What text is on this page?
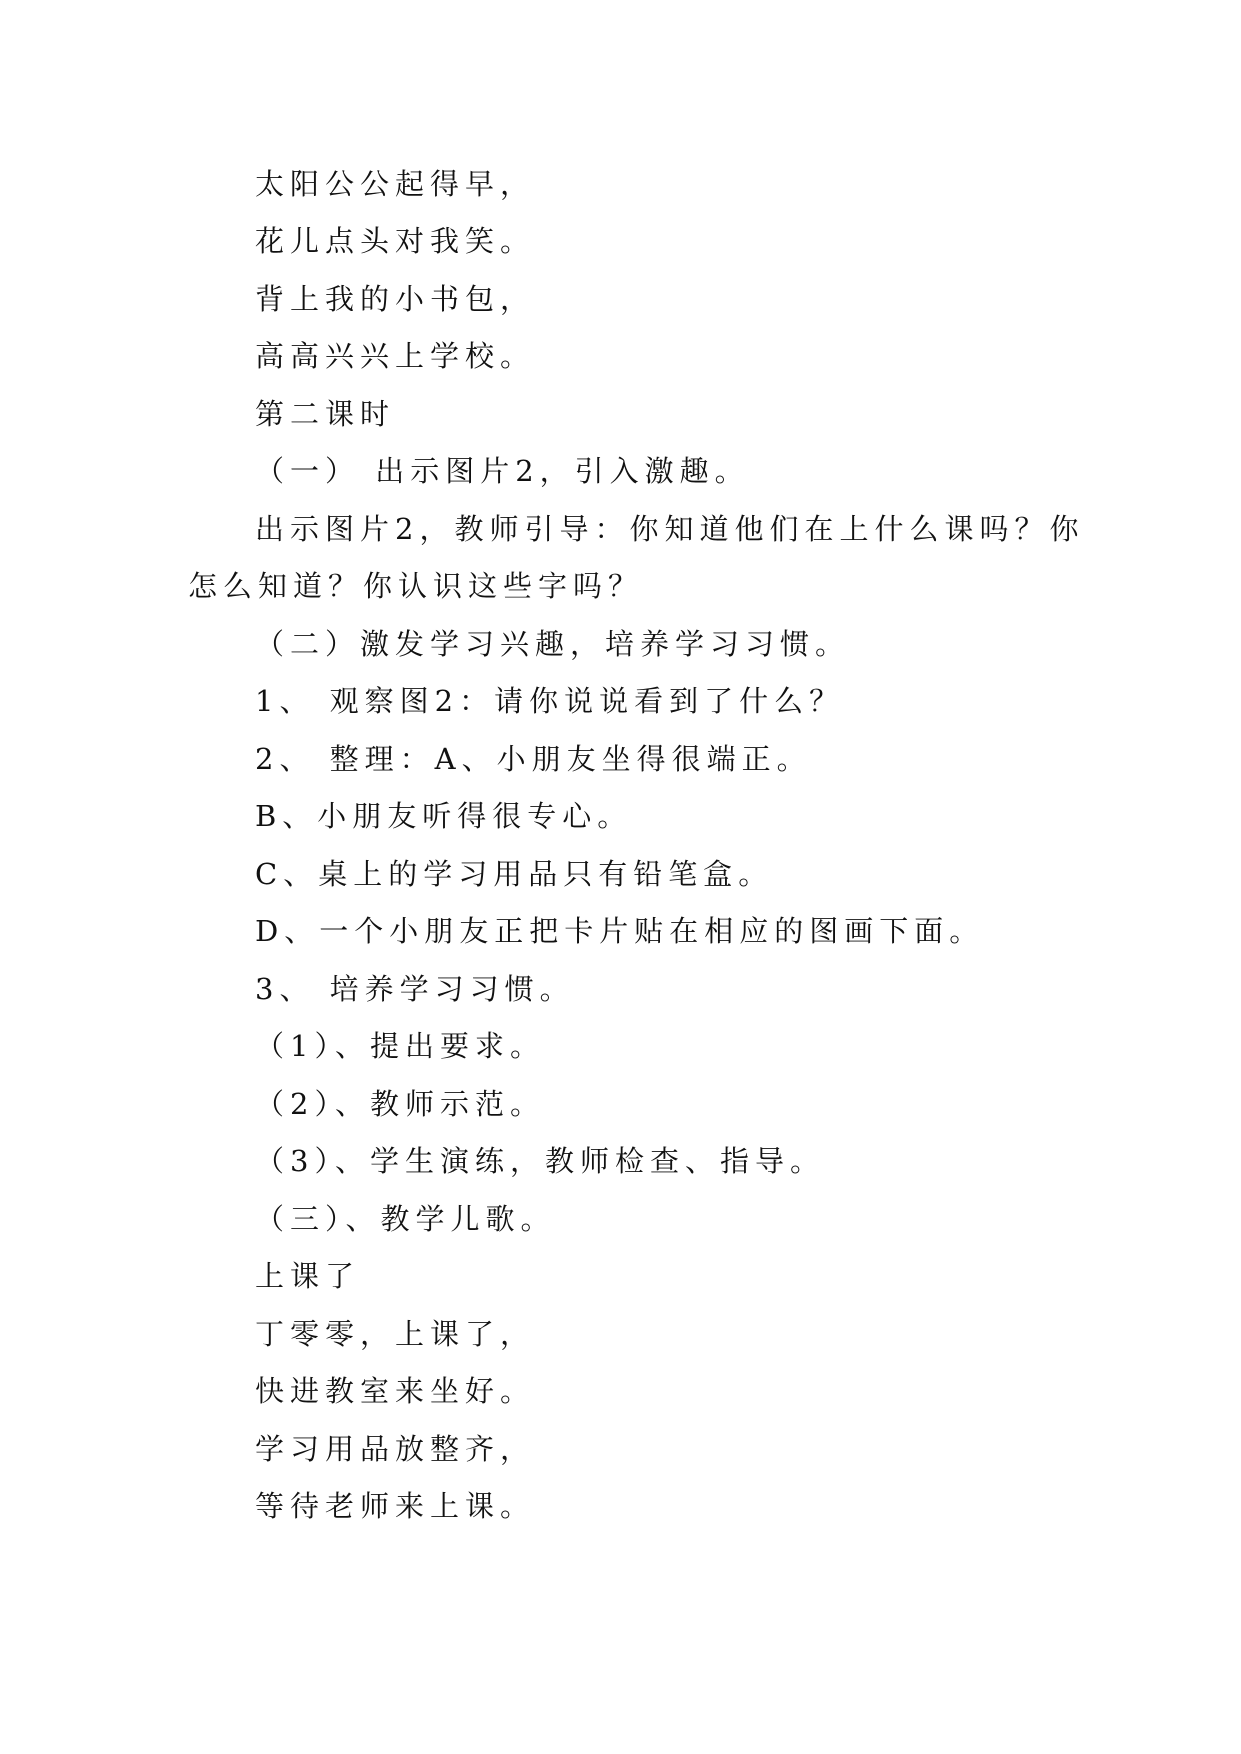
太阳公公起得早，
花儿点头对我笑。
背上我的小书包，
高高兴兴上学校。
第二课时
（一） 出示图片2，引入激趣。
出示图片2，教师引导：你知道他们在上什么课吗？你
怎么知道？你认识这些字吗？
（二）激发学习兴趣，培养学习习惯。
1、 观察图2：请你说说看到了什么？
2、 整理：A、小朋友坐得很端正。
B、小朋友听得很专心。
C、桌上的学习用品只有铅笔盒。
D、一个小朋友正把卡片贴在相应的图画下面。
3、 培养学习习惯。
（1）、提出要求。
（2）、教师示范。
（3）、学生演练，教师检查、指导。
（三）、教学儿歌。
上课了
丁零零，上课了，
快进教室来坐好。
学习用品放整齐，
等待老师来上课。
